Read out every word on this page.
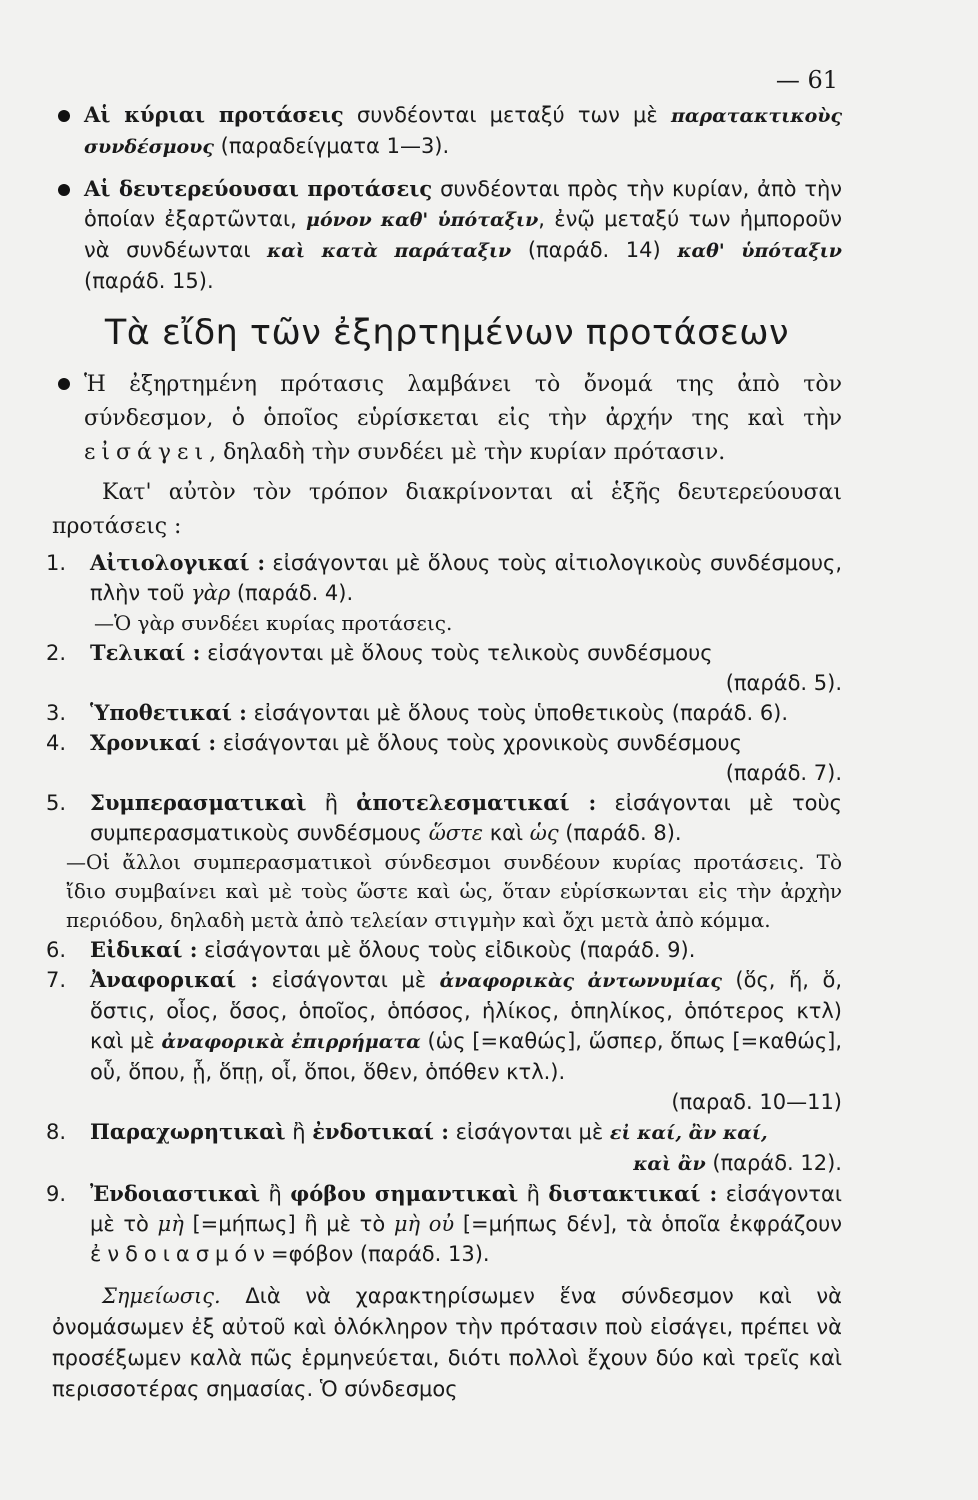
— 61

Αἱ κύριαι προτάσεις συνδέονται μεταξύ των μὲ παρατακτικοὺς συνδέσμους (παραδείγματα 1—3).

Αἱ δευτερεύουσαι προτάσεις συνδέονται πρὸς τὴν κυρίαν, ἀπὸ τὴν ὁποίαν ἐξαρτῶνται, μόνον καθ' ὑπόταξιν, ἐνῷ μεταξύ των ἠμποροῦν νὰ συνδέωνται καὶ κατὰ παράταξιν (παράδ. 14) καθ' ὑπόταξιν (παράδ. 15).

Τὰ εἴδη τῶν ἐξηρτημένων προτάσεων

Ἡ ἐξηρτημένη πρότασις λαμβάνει τὸ ὄνομά της ἀπὸ τὸν σύνδεσμον, ὁ ὁποῖος εὑρίσκεται εἰς τὴν ἀρχήν της καὶ τὴν εἰσάγει, δηλαδὴ τὴν συνδέει μὲ τὴν κυρίαν πρότασιν.

Κατ' αὐτὸν τὸν τρόπον διακρίνονται αἱ ἑξῆς δευτερεύουσαι προτάσεις :

1. Αἰτιολογικαί : εἰσάγονται μὲ ὅλους τοὺς αἰτιολογικοὺς συνδέσμους, πλὴν τοῦ γὰρ (παράδ. 4).
—Ὁ γὰρ συνδέει κυρίας προτάσεις.
2. Τελικαί : εἰσάγονται μὲ ὅλους τοὺς τελικοὺς συνδέσμους

(παράδ. 5).

3. Ὑποθετικαί : εἰσάγονται μὲ ὅλους τοὺς ὑποθετικοὺς (παράδ. 6).
4. Χρονικαί : εἰσάγονται μὲ ὅλους τοὺς χρονικοὺς συνδέσμους

(παράδ. 7).

5. Συμπερασματικαὶ ἢ ἀποτελεσματικαί : εἰσάγονται μὲ τοὺς συμπερασματικοὺς συνδέσμους ὥστε καὶ ὡς (παράδ. 8).

—Οἱ ἄλλοι συμπερασματικοὶ σύνδεσμοι συνδέουν κυρίας προτάσεις. Τὸ ἴδιο συμβαίνει καὶ μὲ τοὺς ὥστε καὶ ὡς, ὅταν εὑρίσκωνται εἰς τὴν ἀρχὴν περιόδου, δηλαδὴ μετὰ ἀπὸ τελείαν στιγμὴν καὶ ὄχι μετὰ ἀπὸ κόμμα.

6. Εἰδικαί : εἰσάγονται μὲ ὅλους τοὺς εἰδικοὺς (παράδ. 9).
7. Ἀναφορικαί : εἰσάγονται μὲ ἀναφορικὰς ἀντωνυμίας (ὅς, ἥ, ὅ, ὅστις, οἷος, ὅσος, ὁποῖος, ὁπόσος, ἡλίκος, ὁπηλίκος, ὁπότερος κτλ) καὶ μὲ ἀναφορικὰ ἐπιρρήματα (ὡς [=καθώς], ὥσπερ, ὅπως [=καθώς], οὗ, ὅπου, ᾗ, ὅπῃ, οἷ, ὅποι, ὅθεν, ὁπόθεν κτλ.).

(παραδ. 10—11)

8. Παραχωρητικαὶ ἢ ἐνδοτικαί : εἰσάγονται μὲ εἰ καί, ἂν καί,

καὶ ἂν (παράδ. 12).

9. Ἐνδοιαστικαὶ ἢ φόβου σημαντικαὶ ἢ διστακτικαί : εἰσάγονται μὲ τὸ μὴ [=μήπως] ἢ μὲ τὸ μὴ οὐ [=μήπως δέν], τὰ ὁποῖα ἐκφράζουν ἐνδοιασμόν=φόβον (παράδ. 13).

Σημείωσις. Διὰ νὰ χαρακτηρίσωμεν ἕνα σύνδεσμον καὶ νὰ ὀνομάσωμεν ἐξ αὐτοῦ καὶ ὁλόκληρον τὴν πρότασιν ποὺ εἰσάγει, πρέπει νὰ προσέξωμεν καλὰ πῶς ἑρμηνεύεται, διότι πολλοὶ ἔχουν δύο καὶ τρεῖς καὶ περισσοτέρας σημασίας. Ὁ σύνδεσμος
